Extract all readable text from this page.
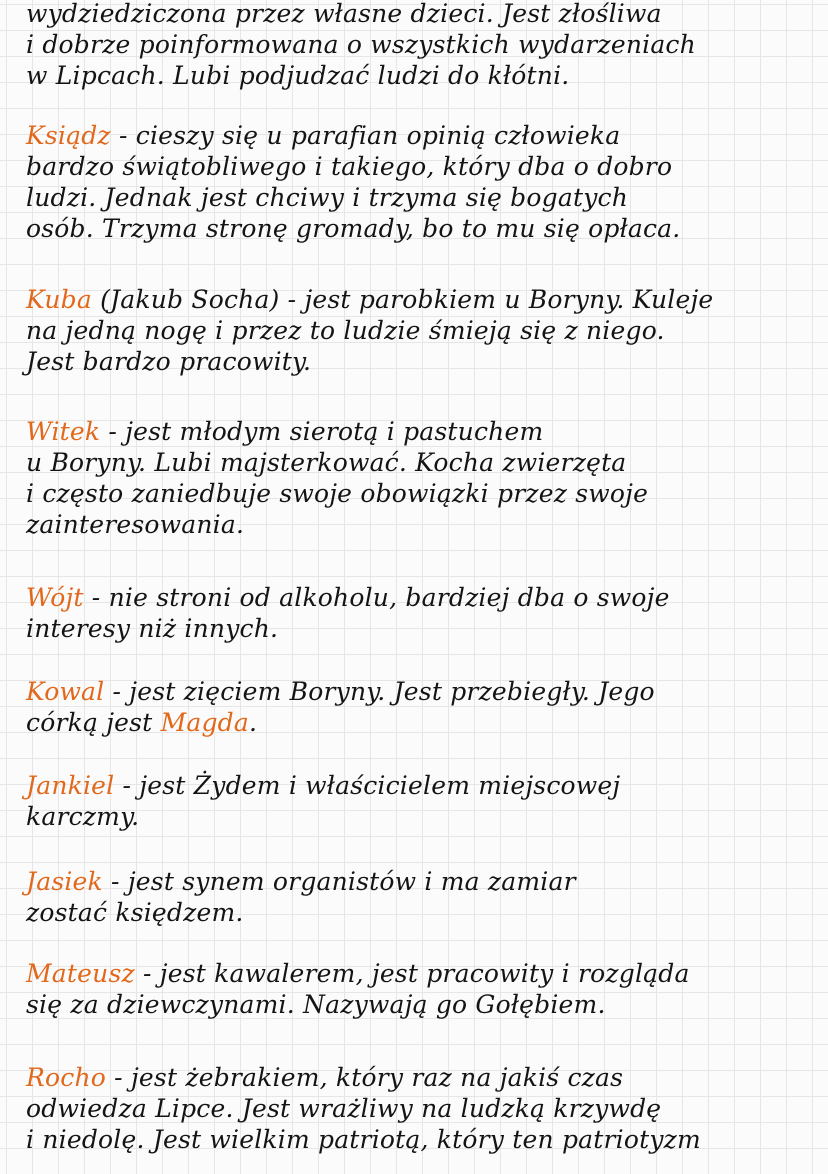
wydziedziczona przez własne dzieci. Jest złośliwa
i dobrze poinformowana o wszystkich wydarzeniach
w Lipcach. Lubi podjudzać ludzi do kłótni.
Ksiądz - cieszy się u parafian opinią człowieka
bardzo świątobliwego i takiego, który dba o dobro
ludzi. Jednak jest chciwy i trzyma się bogatych
osób. Trzyma stronę gromady, bo to mu się opłaca.
Kuba (Jakub Socha) - jest parobkiem u Boryny. Kuleje
na jedną nogę i przez to ludzie śmieją się z niego.
Jest bardzo pracowity.
Witek - jest młodym sierotą i pastuchem
u Boryny. Lubi majsterkować. Kocha zwierzęta
i często zaniedbuje swoje obowiązki przez swoje
zainteresowania.
Wójt - nie stroni od alkoholu, bardziej dba o swoje
interesy niż innych.
Kowal - jest zięciem Boryny. Jest przebiegły. Jego
córką jest Magda.
Jankiel - jest Żydem i właścicielem miejscowej
karczmy.
Jasiek - jest synem organistów i ma zamiar
zostać księdzem.
Mateusz - jest kawalerem, jest pracowity i rozgląda
się za dziewczynami. Nazywają go Gołębiem.
Rocho - jest żebrakiem, który raz na jakiś czas
odwiedza Lipce. Jest wrażliwy na ludzką krzywdę
i niedolę. Jest wielkim patriotą, który ten patriotyzm
